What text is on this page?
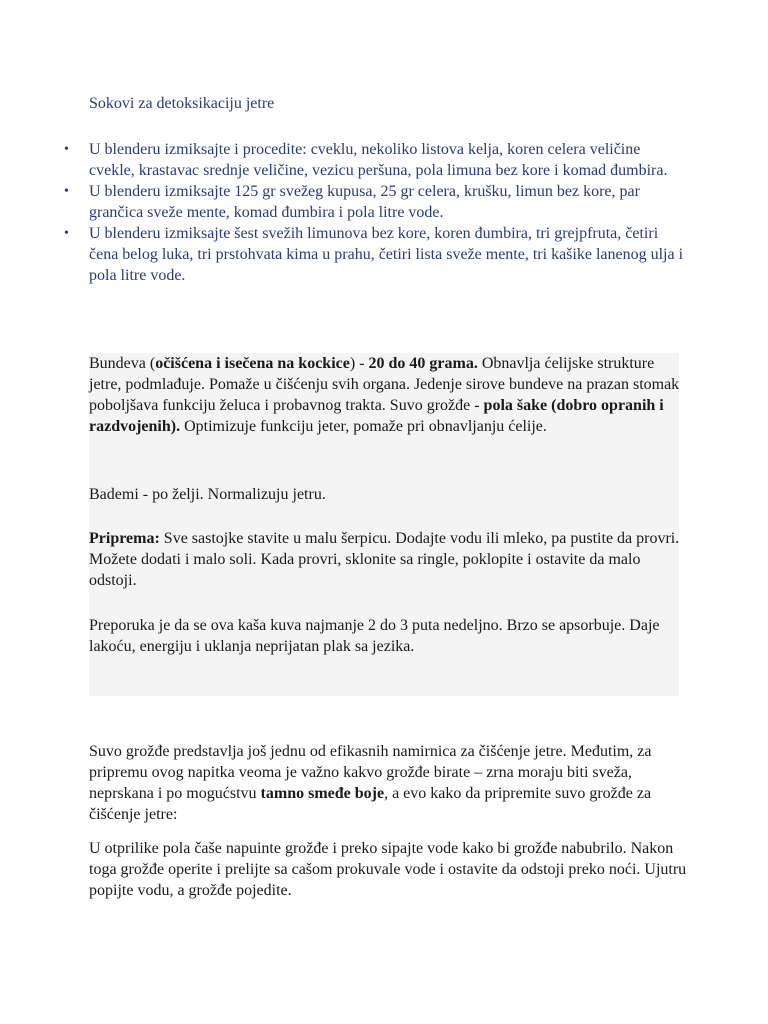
Sokovi za detoksikaciju jetre
• U blenderu izmiksajte i procedite: cveklu, nekoliko listova kelja, koren celera veličine cvekle, krastavac srednje veličine, vezicu peršuna, pola limuna bez kore i komad đumbira.
• U blenderu izmiksajte 125 gr svežeg kupusa, 25 gr celera, krušku, limun bez kore, par grančica sveže mente, komad đumbira i pola litre vode.
• U blenderu izmiksajte šest svežih limunova bez kore, koren đumbira, tri grejpfruta, četiri čena belog luka, tri prstohvata kima u prahu, četiri lista sveže mente, tri kašike lanenog ulja i pola litre vode.

Bundeva (očišćena i isečena na kockice) - 20 do 40 grama. Obnavlja ćelijske strukture jetre, podmlađuje. Pomaže u čišćenju svih organa. Jedenje sirove bundeve na prazan stomak poboljšava funkciju želuca i probavnog trakta. Suvo grožđe - pola šake (dobro opranih i razdvojenih). Optimizuje funkciju jeter, pomaže pri obnavljanju ćelije.

Bademi - po želji. Normalizuju jetru.

Priprema: Sve sastojke stavite u malu šerpicu. Dodajte vodu ili mleko, pa pustite da provri. Možete dodati i malo soli. Kada provri, sklonite sa ringle, poklopite i ostavite da malo odstoji.

Preporuka je da se ova kaša kuva najmanje 2 do 3 puta nedeljno. Brzo se apsorbuje. Daje lakoću, energiju i uklanja neprijatan plak sa jezika.

Suvo grožđe predstavlja još jednu od efikasnih namirnica za čišćenje jetre. Međutim, za pripremu ovog napitka veoma je važno kakvo grožđe birate – zrna moraju biti sveža, neprskana i po mogućstvu tamno smeđe boje, a evo kako da pripremite suvo grožđe za čišćenje jetre:

U otprilike pola čaše napuinte grožđe i preko sipajte vode kako bi grožđe nabubrilo. Nakon toga grožđe operite i prelijte sa cašom prokuvale vode i ostavite da odstoji preko noći. Ujutru popijte vodu, a grožđe pojedite.
